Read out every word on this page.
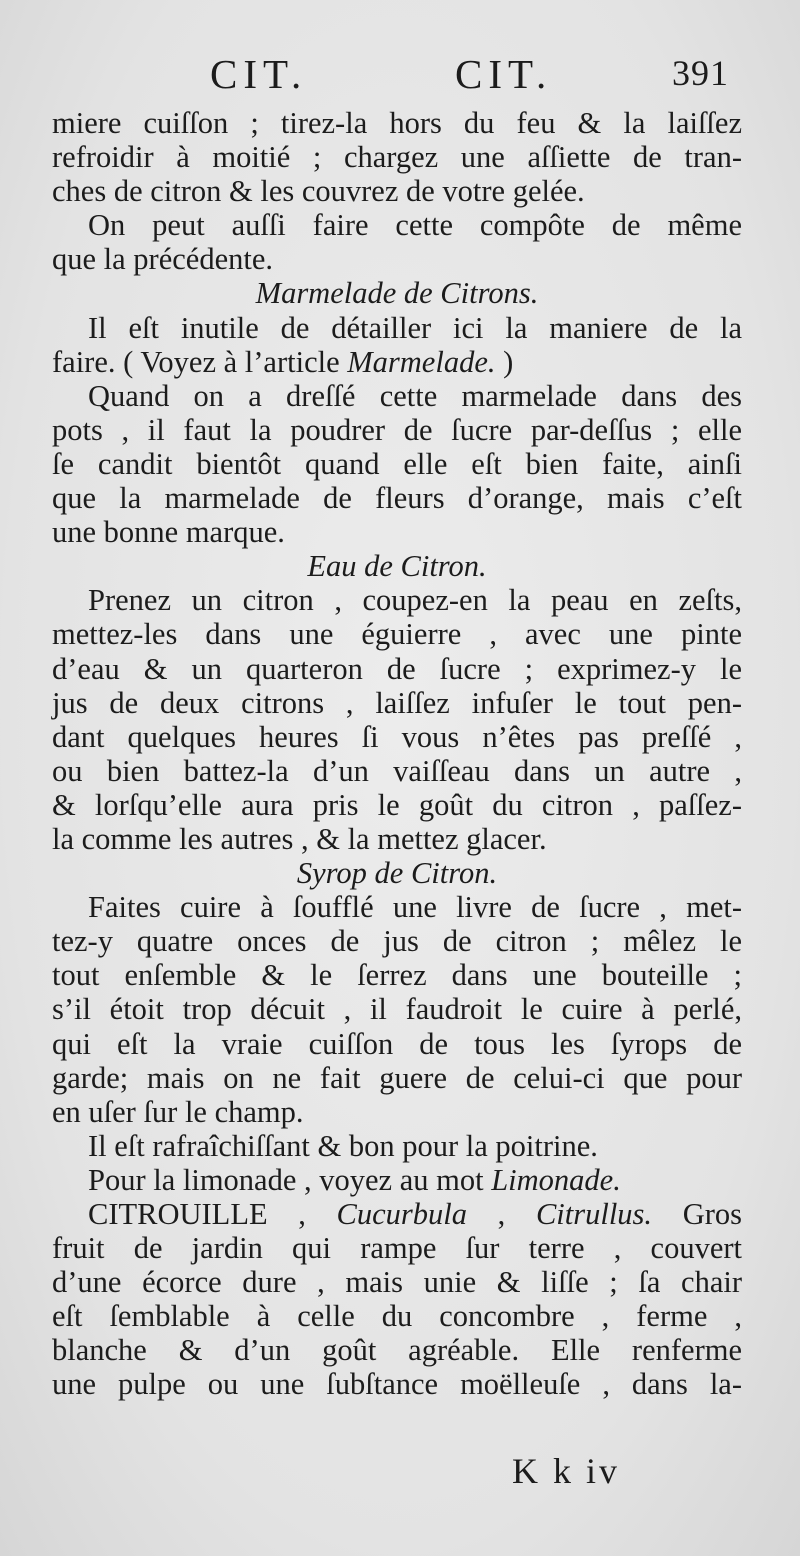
CIT.	CIT.	391
miere cuiſſon ; tirez-la hors du feu & la laiſſez
refroidir à moitié ; chargez une aſſiette de tran-
ches de citron & les couvrez de votre gelée.
On peut auſſi faire cette compôte de même
que la précédente.
Marmelade de Citrons.
Il eſt inutile de détailler ici la maniere de la
faire. ( Voyez à l’article Marmelade. )
Quand on a dreſſé cette marmelade dans des
pots , il faut la poudrer de ſucre par-deſſus ; elle
ſe candit bientôt quand elle eſt bien faite, ainſi
que la marmelade de fleurs d’orange, mais c’eſt
une bonne marque.
Eau de Citron.
Prenez un citron , coupez-en la peau en zeſts,
mettez-les dans une éguierre , avec une pinte
d’eau & un quarteron de ſucre ; exprimez-y le
jus de deux citrons , laiſſez infuſer le tout pen-
dant quelques heures ſi vous n’êtes pas preſſé ,
ou bien battez-la d’un vaiſſeau dans un autre ,
& lorſqu’elle aura pris le goût du citron , paſſez-
la comme les autres , & la mettez glacer.
Syrop de Citron.
Faites cuire à ſoufflé une livre de ſucre , met-
tez-y quatre onces de jus de citron ; mêlez le
tout enſemble & le ſerrez dans une bouteille ;
s’il étoit trop décuit , il faudroit le cuire à perlé,
qui eſt la vraie cuiſſon de tous les ſyrops de
garde; mais on ne fait guere de celui-ci que pour
en uſer ſur le champ.
Il eſt rafraîchiſſant & bon pour la poitrine.
Pour la limonade , voyez au mot Limonade.
CITROUILLE , Cucurbula , Citrullus. Gros
fruit de jardin qui rampe ſur terre , couvert
d’une écorce dure , mais unie & liſſe ; ſa chair
eſt ſemblable à celle du concombre , ferme ,
blanche & d’un goût agréable. Elle renferme
une pulpe ou une ſubſtance moëlleuſe , dans la-
K k iv
